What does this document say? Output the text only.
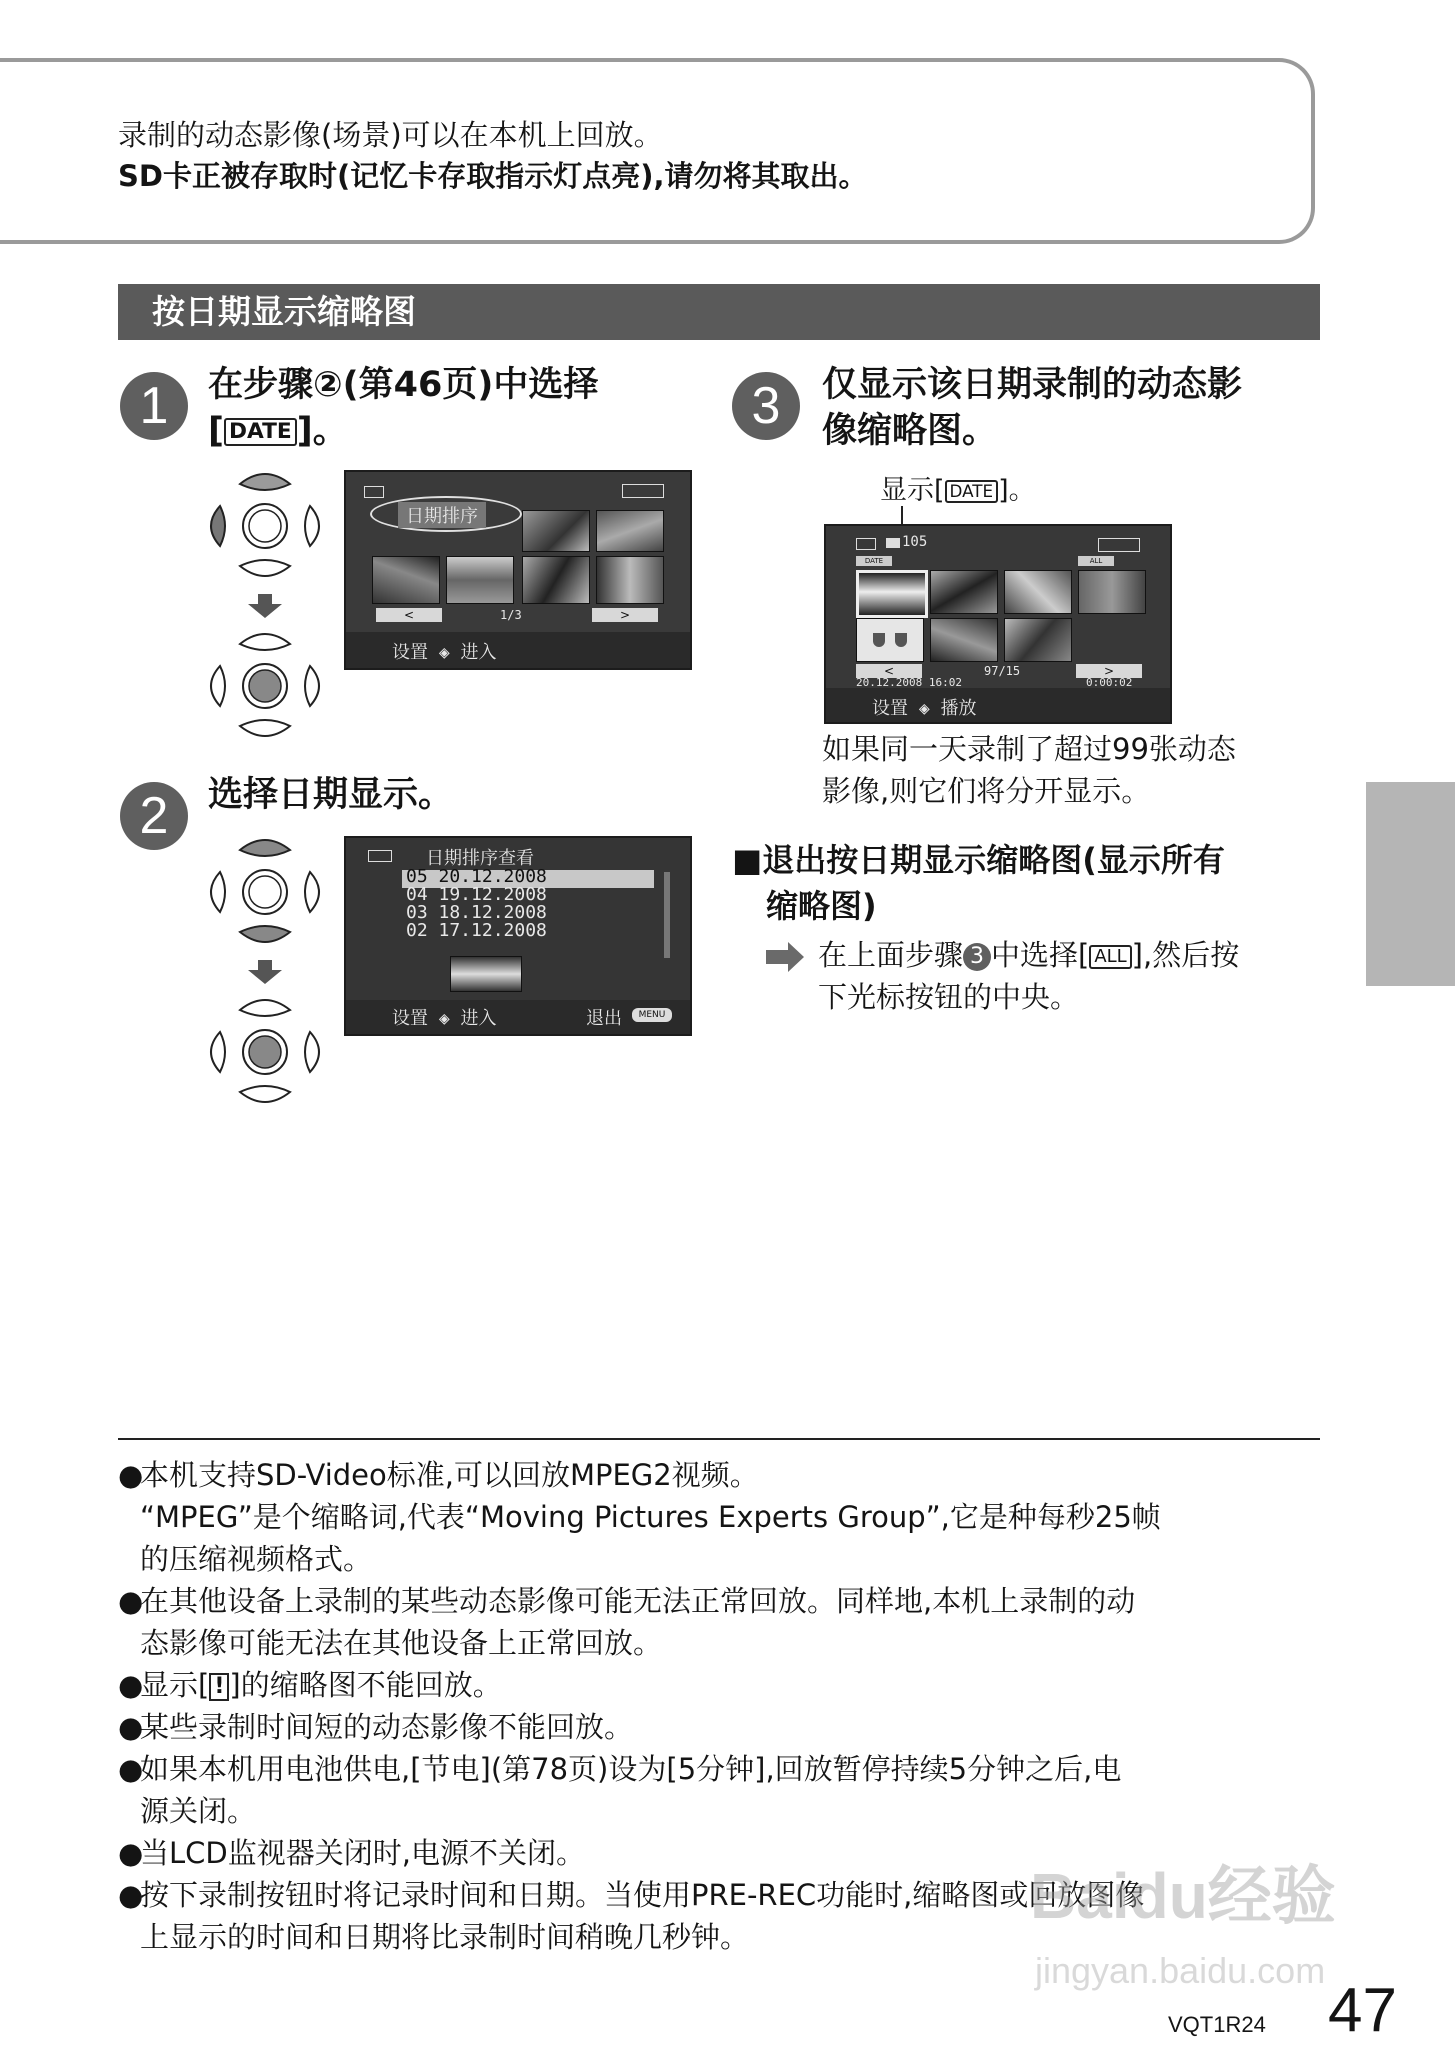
录制的动态影像(场景)可以在本机上回放。
SD卡正被存取时(记忆卡存取指示灯点亮),请勿将其取出。
按日期显示缩略图
1	在步骤②(第46页)中选择
[ DATE ]。
日期排序
<	1/3	>
设置 ◈ 进入
2	选择日期显示。
日期排序查看
05 20.12.2008
04 19.12.2008
03 18.12.2008
02 17.12.2008
设置 ◈ 进入	退出	MENU
3	仅显示该日期录制的动态影
像缩略图。
显示[ DATE ]。
105
DATE	ALL
<	97/15	>
20.12.2008 16:02	0:00:02
设置 ◈ 播放
如果同一天录制了超过99张动态
影像,则它们将分开显示。
■退出按日期显示缩略图(显示所有
缩略图)
在上面步骤 3 中选择[ ALL ],然后按
下光标按钮的中央。
●本机支持SD-Video标准,可以回放MPEG2视频。
“MPEG”是个缩略词,代表“Moving Pictures Experts Group”,它是种每秒25帧
的压缩视频格式。
●在其他设备上录制的某些动态影像可能无法正常回放。同样地,本机上录制的动
态影像可能无法在其他设备上正常回放。
●显示[ ! ]的缩略图不能回放。
●某些录制时间短的动态影像不能回放。
●如果本机用电池供电,[节电](第78页)设为[5分钟],回放暂停持续5分钟之后,电
源关闭。
●当LCD监视器关闭时,电源不关闭。
●按下录制按钮时将记录时间和日期。当使用PRE-REC功能时,缩略图或回放图像
上显示的时间和日期将比录制时间稍晚几秒钟。
Baidu经验
jingyan.baidu.com
VQT1R24 47
